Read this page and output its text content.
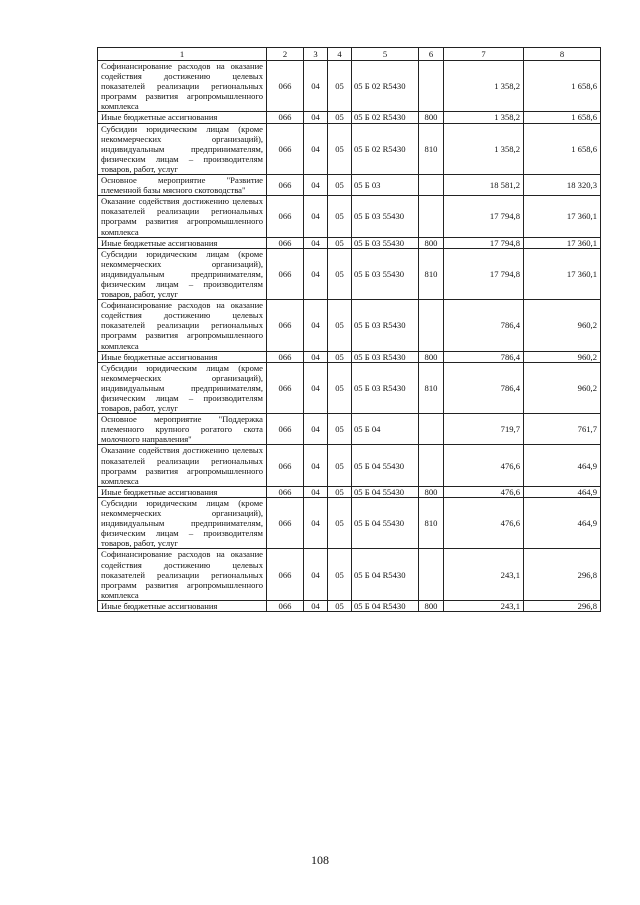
1	2	3	4	5	6	7	8
Софинансирование расходов на оказание содействия достижению целевых показателей реализации региональных программ развития агропромышленного комплекса	066	04	05	05 Б 02 R5430		1 358,2	1 658,6
Иные бюджетные ассигнования	066	04	05	05 Б 02 R5430	800	1 358,2	1 658,6
Субсидии юридическим лицам (кроме некоммерческих организаций), индивидуальным предпринимателям, физическим лицам – производителям товаров, работ, услуг	066	04	05	05 Б 02 R5430	810	1 358,2	1 658,6
Основное мероприятие "Развитие племенной базы мясного скотоводства"	066	04	05	05 Б 03		18 581,2	18 320,3
Оказание содействия достижению целевых показателей реализации региональных программ развития агропромышленного комплекса	066	04	05	05 Б 03 55430		17 794,8	17 360,1
Иные бюджетные ассигнования	066	04	05	05 Б 03 55430	800	17 794,8	17 360,1
Субсидии юридическим лицам (кроме некоммерческих организаций), индивидуальным предпринимателям, физическим лицам – производителям товаров, работ, услуг	066	04	05	05 Б 03 55430	810	17 794,8	17 360,1
Софинансирование расходов на оказание содействия достижению целевых показателей реализации региональных программ развития агропромышленного комплекса	066	04	05	05 Б 03 R5430		786,4	960,2
Иные бюджетные ассигнования	066	04	05	05 Б 03 R5430	800	786,4	960,2
Субсидии юридическим лицам (кроме некоммерческих организаций), индивидуальным предпринимателям, физическим лицам – производителям товаров, работ, услуг	066	04	05	05 Б 03 R5430	810	786,4	960,2
Основное мероприятие "Поддержка племенного крупного рогатого скота молочного направления"	066	04	05	05 Б 04		719,7	761,7
Оказание содействия достижению целевых показателей реализации региональных программ развития агропромышленного комплекса	066	04	05	05 Б 04 55430		476,6	464,9
Иные бюджетные ассигнования	066	04	05	05 Б 04 55430	800	476,6	464,9
Субсидии юридическим лицам (кроме некоммерческих организаций), индивидуальным предпринимателям, физическим лицам – производителям товаров, работ, услуг	066	04	05	05 Б 04 55430	810	476,6	464,9
Софинансирование расходов на оказание содействия достижению целевых показателей реализации региональных программ развития агропромышленного комплекса	066	04	05	05 Б 04 R5430		243,1	296,8
Иные бюджетные ассигнования	066	04	05	05 Б 04 R5430	800	243,1	296,8
108
